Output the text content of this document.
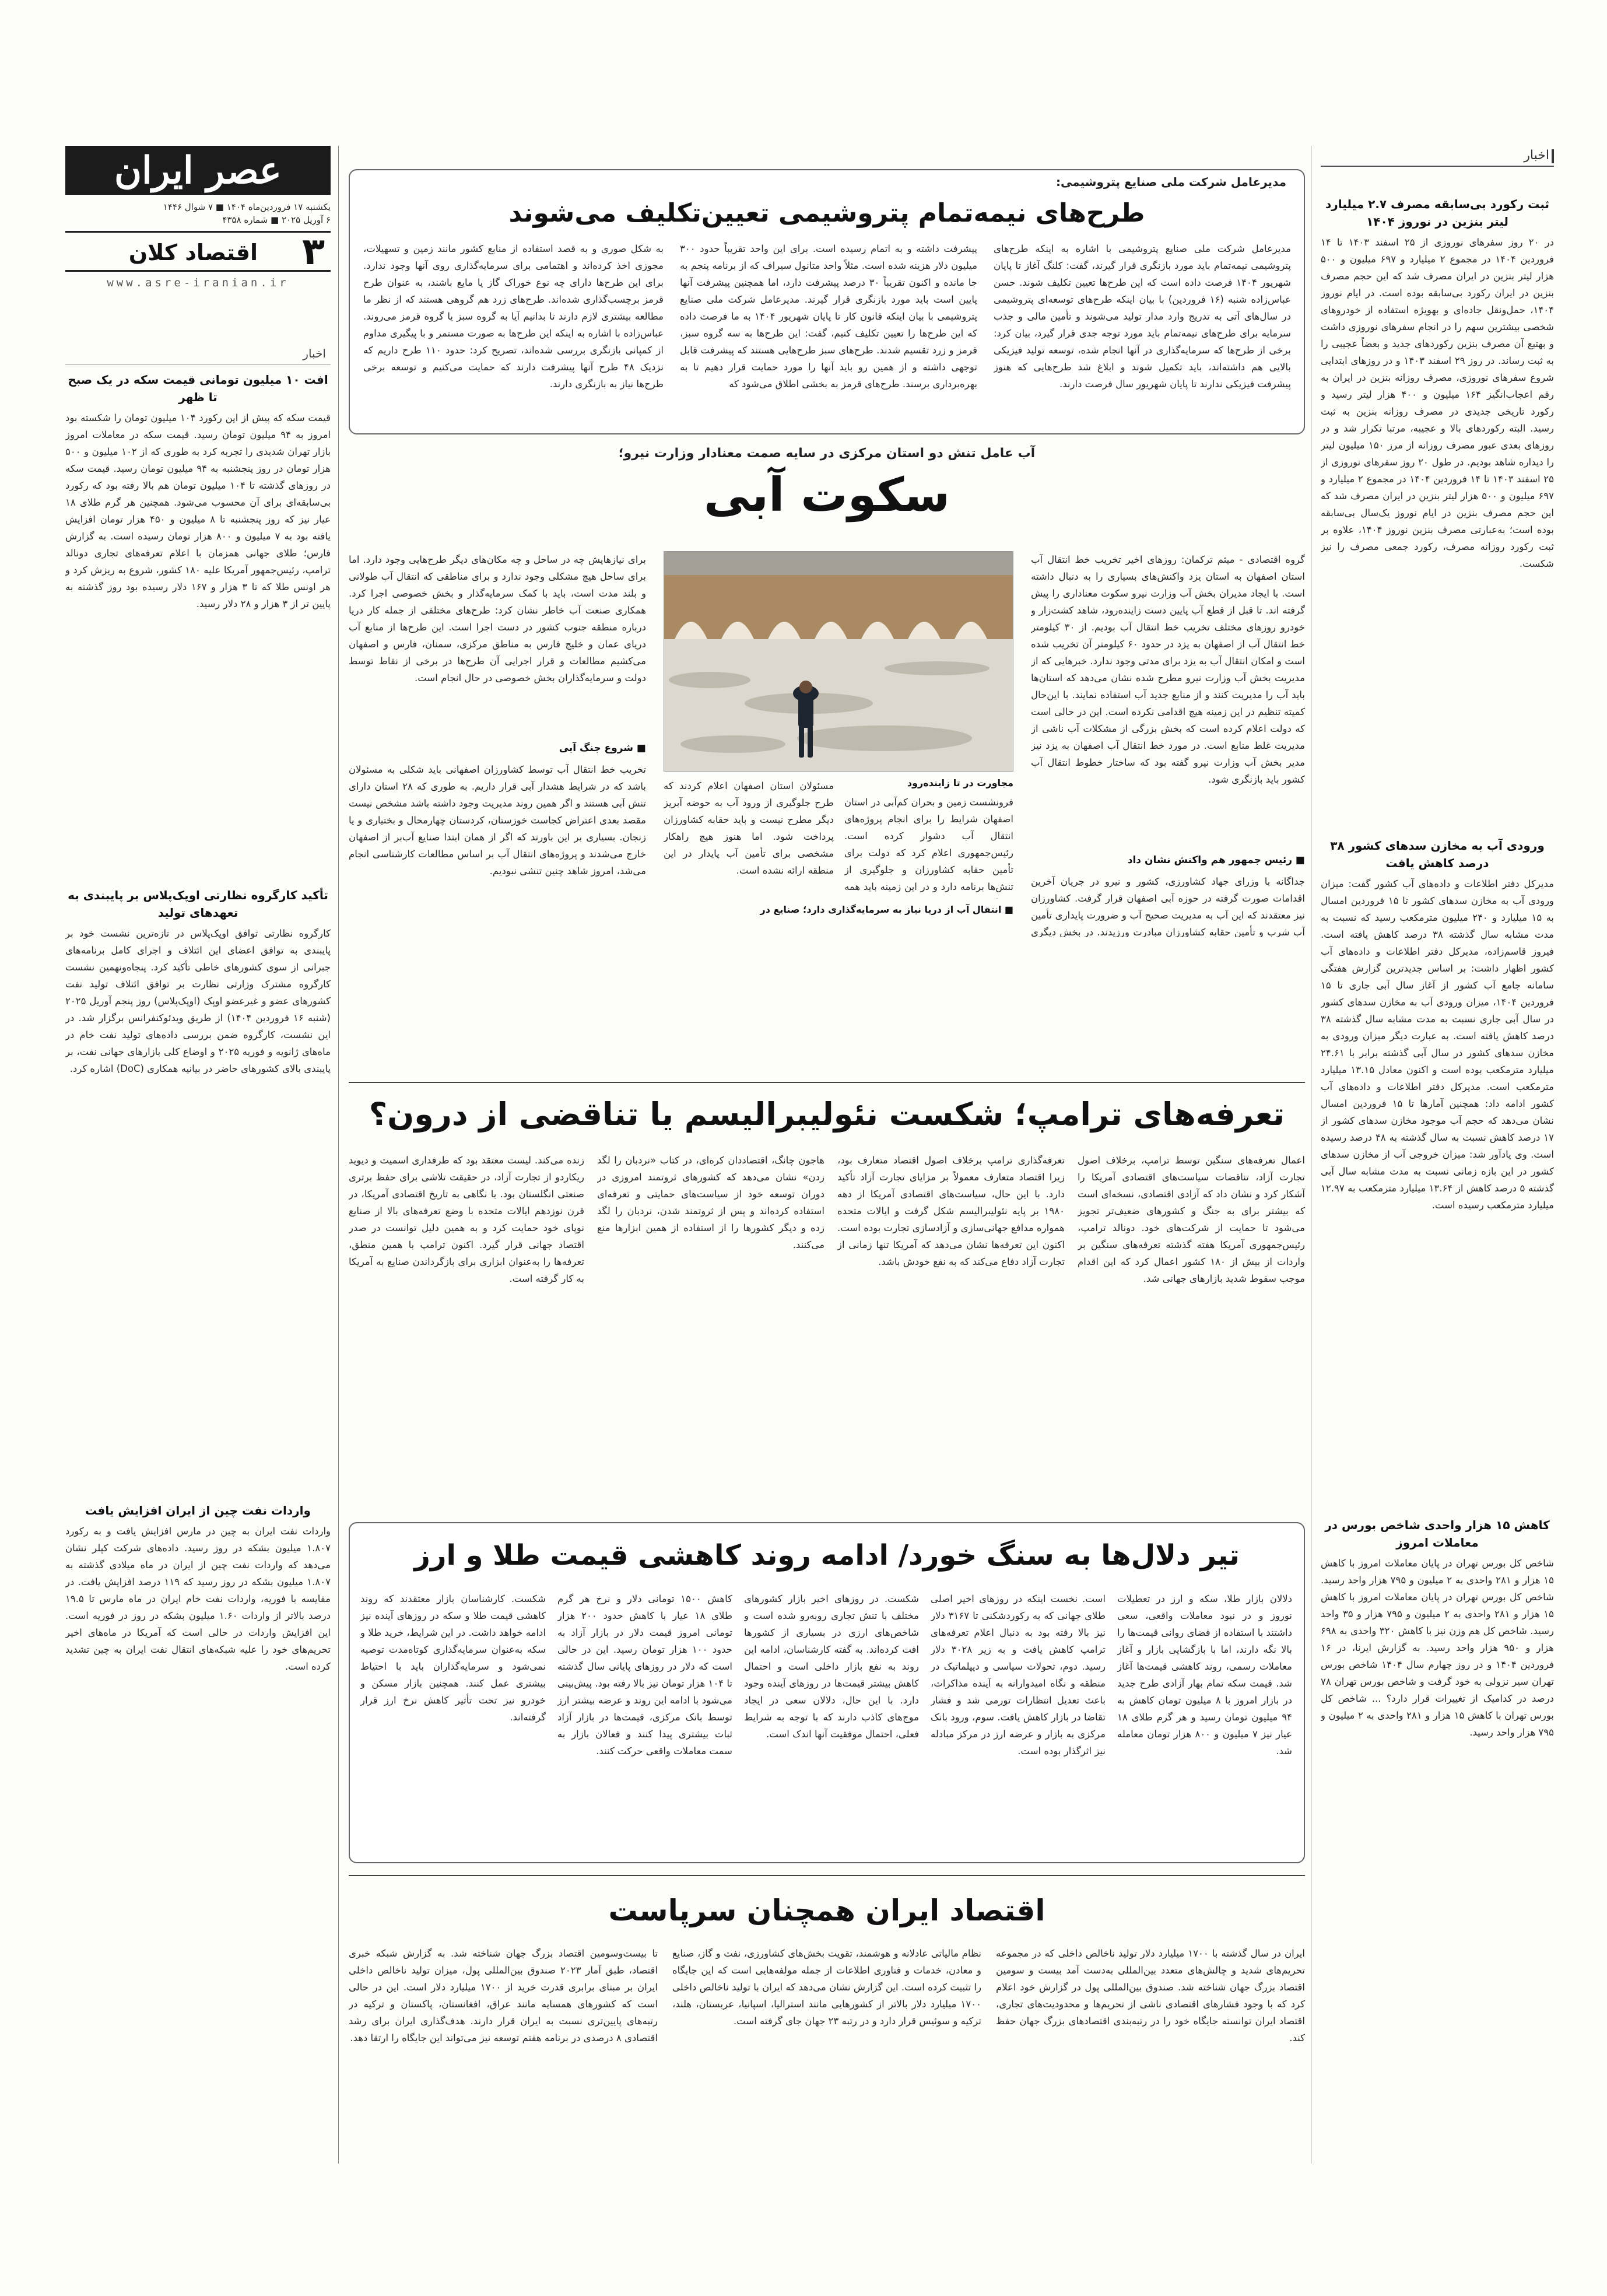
عصر ایران
یکشنبه ۱۷ فروردین‌ماه ۱۴۰۴ ■ ۷ شوال ۱۴۴۶
۶ آوریل ۲۰۲۵ ■ شماره ۴۳۵۸
۳
اقتصاد کلان
www.asre-iranian.ir
اخبار
افت ۱۰ میلیون تومانی قیمت سکه در یک صبح تا ظهر
قیمت سکه که پیش از این رکورد ۱۰۴ میلیون تومان را شکسته بود امروز به ۹۴ میلیون تومان رسید. قیمت سکه در معاملات امروز بازار تهران شدیدی را تجربه کرد به طوری که از ۱۰۲ میلیون و ۵۰۰ هزار تومان در روز پنجشنبه به ۹۴ میلیون تومان رسید. قیمت سکه در روزهای گذشته تا ۱۰۴ میلیون تومان هم بالا رفته بود که رکورد بی‌سابقه‌ای برای آن محسوب می‌شود. همچنین هر گرم طلای ۱۸ عیار نیز که روز پنجشنبه تا ۸ میلیون و ۴۵۰ هزار تومان افزایش یافته بود به ۷ میلیون و ۸۰۰ هزار تومان رسیده است. به گزارش فارس؛ طلای جهانی همزمان با اعلام تعرفه‌های تجاری دونالد ترامپ، رئیس‌جمهور آمریکا علیه ۱۸۰ کشور، شروع به ریزش کرد و هر اونس طلا که تا ۳ هزار و ۱۶۷ دلار رسیده بود روز گذشته به پایین تر از ۳ هزار و ۲۸ دلار رسید.
تأکید کارگروه نظارتی اوپک‌پلاس بر پایبندی به تعهدهای تولید
کارگروه نظارتی توافق اوپک‌پلاس در تازه‌ترین نشست خود بر پایبندی به توافق اعضای این ائتلاف و اجرای کامل برنامه‌های جبرانی از سوی کشورهای خاطی تأکید کرد. پنجاه‌ونهمین نشست کارگروه مشترک وزارتی نظارت بر توافق ائتلاف تولید نفت کشورهای عضو و غیرعضو اوپک (اوپک‌پلاس) روز پنجم آوریل ۲۰۲۵ (شنبه ۱۶ فروردین ۱۴۰۴) از طریق ویدئوکنفرانس برگزار شد. در این نشست، کارگروه ضمن بررسی داده‌های تولید نفت خام در ماه‌های ژانویه و فوریه ۲۰۲۵ و اوضاع کلی بازارهای جهانی نفت، بر پایبندی بالای کشورهای حاضر در بیانیه همکاری (DoC) اشاره کرد.
واردات نفت چین از ایران افزایش یافت
واردات نفت ایران به چین در مارس افزایش یافت و به رکورد ۱.۸۰۷ میلیون بشکه در روز رسید. داده‌های شرکت کپلر نشان می‌دهد که واردات نفت چین از ایران در ماه میلادی گذشته به ۱.۸۰۷ میلیون بشکه در روز رسید که ۱۱۹ درصد افزایش یافت. در مقایسه با فوریه، واردات نفت خام ایران در ماه مارس تا ۱۹.۵ درصد بالاتر از واردات ۱.۶۰ میلیون بشکه در روز در فوریه است. این افزایش واردات در حالی است که آمریکا در ماه‌های اخیر تحریم‌های خود را علیه شبکه‌های انتقال نفت ایران به چین تشدید کرده است.
اخبار
ثبت رکورد بی‌سابقه مصرف ۲.۷ میلیارد لیتر بنزین در نوروز ۱۴۰۴
در ۲۰ روز سفرهای نوروزی از ۲۵ اسفند ۱۴۰۳ تا ۱۴ فروردین ۱۴۰۴ در مجموع ۲ میلیارد و ۶۹۷ میلیون و ۵۰۰ هزار لیتر بنزین در ایران مصرف شد که این حجم مصرف بنزین در ایران رکورد بی‌سابقه بوده است. در ایام نوروز ۱۴۰۴، حمل‌ونقل جاده‌ای و بهویژه استفاده از خودروهای شخصی بیشترین سهم را در انجام سفرهای نوروزی داشت و بهتبع آن مصرف بنزین رکوردهای جدید و بعضاً عجیبی را به ثبت رساند. در روز ۲۹ اسفند ۱۴۰۳ و در روزهای ابتدایی شروع سفرهای نوروزی، مصرف روزانه بنزین در ایران به رقم اعجاب‌انگیز ۱۶۴ میلیون و ۴۰۰ هزار لیتر رسید و رکورد تاریخی جدیدی در مصرف روزانه بنزین به ثبت رسید. البته رکوردهای بالا و عجیبه، مرتبا تکرار شد و در روزهای بعدی عبور مصرف روزانه از مرز ۱۵۰ میلیون لیتر را دیداره شاهد بودیم. در طول ۲۰ روز سفرهای نوروزی از ۲۵ اسفند ۱۴۰۳ تا ۱۴ فروردین ۱۴۰۴ در مجموع ۲ میلیارد و ۶۹۷ میلیون و ۵۰۰ هزار لیتر بنزین در ایران مصرف شد که این حجم مصرف بنزین در ایام نوروز یک‌سال بی‌سابقه بوده است؛ به‌عبارتی مصرف بنزین نوروز ۱۴۰۴، علاوه بر ثبت رکورد روزانه مصرف، رکورد جمعی مصرف را نیز شکست.
ورودی آب به مخازن سدهای کشور ۳۸ درصد کاهش یافت
مدیرکل دفتر اطلاعات و داده‌های آب کشور گفت: میزان ورودی آب به مخازن سدهای کشور تا ۱۵ فروردین امسال به ۱۵ میلیارد و ۲۴۰ میلیون مترمکعب رسید که نسبت به مدت مشابه سال گذشته ۳۸ درصد کاهش یافته است. فیروز قاسم‌زاده، مدیرکل دفتر اطلاعات و داده‌های آب کشور اظهار داشت: بر اساس جدیدترین گزارش هفتگی سامانه جامع آب کشور از آغاز سال آبی جاری تا ۱۵ فروردین ۱۴۰۴، میزان ورودی آب به مخازن سدهای کشور در سال آبی جاری نسبت به مدت مشابه سال گذشته ۳۸ درصد کاهش یافته است. به عبارت دیگر میزان ورودی به مخازن سدهای کشور در سال آبی گذشته برابر با ۲۴.۶۱ میلیارد مترمکعب بوده است و اکنون معادل ۱۳.۱۵ میلیارد مترمکعب است. مدیرکل دفتر اطلاعات و داده‌های آب کشور ادامه داد: همچنین آمارها تا ۱۵ فروردین امسال نشان می‌دهد که حجم آب موجود مخازن سدهای کشور از ۱۷ درصد کاهش نسبت به سال گذشته به ۴۸ درصد رسیده است. وی یادآور شد: میزان خروجی آب از مخازن سدهای کشور در این بازه زمانی نسبت به مدت مشابه سال آبی گذشته ۵ درصد کاهش از ۱۳.۶۴ میلیارد مترمکعب به ۱۲.۹۷ میلیارد مترمکعب رسیده است.
کاهش ۱۵ هزار واحدی شاخص بورس در معاملات امروز
شاخص کل بورس تهران در پایان معاملات امروز با کاهش ۱۵ هزار و ۲۸۱ واحدی به ۲ میلیون و ۷۹۵ هزار واحد رسید. شاخص کل بورس تهران در پایان معاملات امروز با کاهش ۱۵ هزار و ۲۸۱ واحدی به ۲ میلیون و ۷۹۵ هزار و ۳۵ واحد رسید. شاخص کل هم وزن نیز با کاهش ۳۲۰ واحدی به ۶۹۸ هزار و ۹۵۰ هزار واحد رسید. به گزارش ایرنا، در ۱۶ فروردین ۱۴۰۴ و در روز چهارم سال ۱۴۰۴ شاخص بورس تهران سیر نزولی به خود گرفت و شاخص بورس تهران ۷۸ درصد در کدامیک از تغییرات قرار دارد؟ ... شاخص کل بورس تهران با کاهش ۱۵ هزار و ۲۸۱ واحدی به ۲ میلیون و ۷۹۵ هزار واحد رسید.
مدیرعامل شرکت ملی صنایع پتروشیمی:
طرح‌های نیمه‌تمام پتروشیمی تعیین‌تکلیف می‌شوند
مدیرعامل شرکت ملی صنایع پتروشیمی با اشاره به اینکه طرح‌های پتروشیمی نیمه‌تمام باید مورد بازنگری قرار گیرند، گفت: کلنگ آغاز تا پایان شهریور ۱۴۰۴ فرصت داده است که این طرح‌ها تعیین تکلیف شوند. حسن عباس‌زاده شنبه (۱۶ فروردین) با بیان اینکه طرح‌های توسعه‌ای پتروشیمی در سال‌های آتی به تدریج وارد مدار تولید می‌شوند و تأمین مالی و جذب سرمایه برای طرح‌های نیمه‌تمام باید مورد توجه جدی قرار گیرد، بیان کرد: برخی از طرح‌ها که سرمایه‌گذاری در آنها انجام شده، توسعه تولید فیزیکی بالایی هم داشته‌اند، باید تکمیل شوند و ابلاغ شد طرح‌هایی که هنوز پیشرفت فیزیکی ندارند تا پایان شهریور سال فرصت دارند.
پیشرفت داشته و به اتمام رسیده است. برای این واحد تقریباً حدود ۳۰۰ میلیون دلار هزینه شده است. مثلاً واحد متانول سیراف که از برنامه پنجم به جا مانده و اکنون تقریباً ۳۰ درصد پیشرفت دارد، اما همچنین پیشرفت آنها پایین است باید مورد بازنگری قرار گیرند. مدیرعامل شرکت ملی صنایع پتروشیمی با بیان اینکه قانون کار تا پایان شهریور ۱۴۰۴ به ما فرصت داده که این طرح‌ها را تعیین تکلیف کنیم، گفت: این طرح‌ها به سه گروه سبز، قرمز و زرد تقسیم شدند. طرح‌های سبز طرح‌هایی هستند که پیشرفت قابل توجهی داشته و از همین رو باید آنها را مورد حمایت قرار دهیم تا به بهره‌برداری برسند. طرح‌های قرمز به بخشی اطلاق می‌شود که
به شکل صوری و به قصد استفاده از منابع کشور مانند زمین و تسهیلات، مجوزی اخذ کرده‌اند و اهتمامی برای سرمایه‌گذاری روی آنها وجود ندارد. برای این طرح‌ها دارای چه نوع خوراک گاز یا مایع باشند، به عنوان طرح قرمز برچسب‌گذاری شده‌اند. طرح‌های زرد هم گروهی هستند که از نظر ما مطالعه بیشتری لازم دارند تا بدانیم آیا به گروه سبز یا گروه قرمز می‌روند. عباس‌زاده با اشاره به اینکه این طرح‌ها به صورت مستمر و با پیگیری مداوم از کمپانی بازنگری بررسی شده‌اند، تصریح کرد: حدود ۱۱۰ طرح داریم که نزدیک ۴۸ طرح آنها پیشرفت دارند که حمایت می‌کنیم و توسعه برخی طرح‌ها نیاز به بازنگری دارند.
آب عامل تنش دو استان مرکزی در سایه صمت معنادار وزارت نیرو؛
سکوت آبی
گروه اقتصادی - میثم ترکمان: روزهای اخیر تخریب خط انتقال آب استان اصفهان به استان یزد واکنش‌های بسیاری را به دنبال داشته است. با ایجاد مدیران بخش آب وزارت نیرو سکوت معناداری را پیش گرفته اند. تا قبل از قطع آب پایین دست زاینده‌رود، شاهد کشت‌زار و خودرو روزهای مختلف تخریب خط انتقال آب بودیم. از ۳۰ کیلومتر خط انتقال آب از اصفهان به یزد در حدود ۶۰ کیلومتر آن تخریب شده است و امکان انتقال آب به یزد برای مدتی وجود ندارد. خبرهایی که از مدیریت بخش آب وزارت نیرو مطرح شده نشان می‌دهد که استان‌ها باید آب را مدیریت کنند و از منابع جدید آب استفاده نمایند. با این‌حال کمیته تنظیم در این زمینه هیچ اقدامی نکرده است. این در حالی است که دولت اعلام کرده است که بخش بزرگی از مشکلات آب ناشی از مدیریت غلط منابع است. در مورد خط انتقال آب اصفهان به یزد نیز مدیر بخش آب وزارت نیرو گفته بود که ساختار خطوط انتقال آب کشور باید بازنگری شود.
■ رئیس جمهور هم واکنش نشان داد
جداگانه با وزرای جهاد کشاورزی، کشور و نیرو در جریان آخرین اقدامات صورت گرفته در حوزه آبی اصفهان قرار گرفت. کشاورزان نیز معتقدند که این آب به مدیریت صحیح آب و ضرورت پایداری تأمین آب شرب و تأمین حقابه کشاورزان مبادرت ورزیدند. در بخش دیگری
مجاورت در تا زاینده‌رود
فرونشست زمین و بحران کم‌آبی در استان اصفهان شرایط را برای انجام پروژه‌های انتقال آب دشوار کرده است. رئیس‌جمهوری اعلام کرد که دولت برای تأمین حقابه کشاورزان و جلوگیری از تنش‌ها برنامه دارد و در این زمینه باید همه
مسئولان استان اصفهان اعلام کردند که طرح جلوگیری از ورود آب به حوضه آبریز دیگر مطرح نیست و باید حقابه کشاورزان پرداخت شود. اما هنوز هیچ راهکار مشخصی برای تأمین آب پایدار در این منطقه ارائه نشده است.
■ انتقال آب از دریا نیاز به سرمایه‌گذاری دارد؛ صنایع در
برای نیازهایش چه در ساحل و چه مکان‌های دیگر طرح‌هایی وجود دارد. اما برای ساحل هیچ مشکلی وجود ندارد و برای مناطقی که انتقال آب طولانی و بلند مدت است، باید با کمک سرمایه‌گذار و بخش خصوصی اجرا کرد. همکاری صنعت آب خاطر نشان کرد: طرح‌های مختلفی از جمله کار دریا درباره منطقه جنوب کشور در دست اجرا است. این طرح‌ها از منابع آب دریای عمان و خلیج فارس به مناطق مرکزی، سمنان، فارس و اصفهان می‌کشیم مطالعات و قرار اجرایی آن طرح‌ها در برخی از نقاط توسط دولت و سرمایه‌گذاران بخش خصوصی در حال انجام است.
■ شروع جنگ آبی
تخریب خط انتقال آب توسط کشاورزان اصفهانی باید شکلی به مسئولان باشد که در شرایط هشدار آبی قرار داریم. به طوری که ۲۸ استان دارای تنش آبی هستند و اگر همین روند مدیریت وجود داشته باشد مشخص نیست مقصد بعدی اعتراض کجاست خوزستان، کردستان چهارمحال و بختیاری و یا زنجان. بسیاری بر این باورند که اگر از همان ابتدا صنایع آب‌بر از اصفهان خارج می‌شدند و پروژه‌های انتقال آب بر اساس مطالعات کارشناسی انجام می‌شد، امروز شاهد چنین تنشی نبودیم.
تعرفه‌های ترامپ؛ شکست نئولیبرالیسم یا تناقضی از درون؟
اعمال تعرفه‌های سنگین توسط ترامپ، برخلاف اصول تجارت آزاد، تناقضات سیاست‌های اقتصادی آمریکا را آشکار کرد و نشان داد که آزادی اقتصادی، نسخه‌ای است که بیشتر برای به جنگ و کشورهای ضعیف‌تر تجویز می‌شود تا حمایت از شرکت‌های خود. دونالد ترامپ، رئیس‌جمهوری آمریکا هفته گذشته تعرفه‌های سنگین بر واردات از بیش از ۱۸۰ کشور اعمال کرد که این اقدام موجب سقوط شدید بازارهای جهانی شد.
تعرفه‌گذاری ترامپ برخلاف اصول اقتصاد متعارف بود، زیرا اقتصاد متعارف معمولاً بر مزایای تجارت آزاد تأکید دارد. با این حال، سیاست‌های اقتصادی آمریکا از دهه ۱۹۸۰ بر پایه نئولیبرالیسم شکل گرفت و ایالات متحده همواره مدافع جهانی‌سازی و آزادسازی تجارت بوده است. اکنون این تعرفه‌ها نشان می‌دهد که آمریکا تنها زمانی از تجارت آزاد دفاع می‌کند که به نفع خودش باشد.
هاجون چانگ، اقتصاددان کره‌ای، در کتاب «نردبان را لگد زدن» نشان می‌دهد که کشورهای ثروتمند امروزی در دوران توسعه خود از سیاست‌های حمایتی و تعرفه‌ای استفاده کرده‌اند و پس از ثروتمند شدن، نردبان را لگد زده و دیگر کشورها را از استفاده از همین ابزارها منع می‌کنند.
زنده می‌کند. لیست معتقد بود که طرفداری اسمیت و دیوید ریکاردو از تجارت آزاد، در حقیقت تلاشی برای حفظ برتری صنعتی انگلستان بود. با نگاهی به تاریخ اقتصادی آمریکا، در قرن نوزدهم ایالات متحده با وضع تعرفه‌های بالا از صنایع نوپای خود حمایت کرد و به همین دلیل توانست در صدر اقتصاد جهانی قرار گیرد. اکنون ترامپ با همین منطق، تعرفه‌ها را به‌عنوان ابزاری برای بازگرداندن صنایع به آمریکا به کار گرفته است.
تیر دلال‌ها به سنگ خورد/ ادامه روند کاهشی قیمت طلا و ارز
دلالان بازار طلا، سکه و ارز در تعطیلات نوروز و در نبود معاملات واقعی، سعی داشتند با استفاده از فضای روانی قیمت‌ها را بالا نگه دارند، اما با بازگشایی بازار و آغاز معاملات رسمی، روند کاهشی قیمت‌ها آغاز شد. قیمت سکه تمام بهار آزادی طرح جدید در بازار امروز با ۸ میلیون تومان کاهش به ۹۴ میلیون تومان رسید و هر گرم طلای ۱۸ عیار نیز ۷ میلیون و ۸۰۰ هزار تومان معامله شد.
است. نخست اینکه در روزهای اخیر اصلی طلای جهانی که به رکوردشکنی تا ۳۱۶۷ دلار نیز بالا رفته بود به دنبال اعلام تعرفه‌های ترامپ کاهش یافت و به زیر ۳۰۲۸ دلار رسید. دوم، تحولات سیاسی و دیپلماتیک در منطقه و نگاه امیدوارانه به آینده مذاکرات، باعث تعدیل انتظارات تورمی شد و فشار تقاضا در بازار کاهش یافت. سوم، ورود بانک مرکزی به بازار و عرضه ارز در مرکز مبادله نیز اثرگذار بوده است.
شکست. در روزهای اخیر بازار کشورهای مختلف با تنش تجاری روبه‌رو شده است و شاخص‌های ارزی در بسیاری از کشورها افت کرده‌اند. به گفته کارشناسان، ادامه این روند به نفع بازار داخلی است و احتمال کاهش بیشتر قیمت‌ها در روزهای آینده وجود دارد. با این حال، دلالان سعی در ایجاد موج‌های کاذب دارند که با توجه به شرایط فعلی، احتمال موفقیت آنها اندک است.
کاهش ۱۵۰۰ تومانی دلار و نرخ هر گرم طلای ۱۸ عیار با کاهش حدود ۲۰۰ هزار تومانی امروز قیمت دلار در بازار آزاد به حدود ۱۰۰ هزار تومان رسید. این در حالی است که دلار در روزهای پایانی سال گذشته تا ۱۰۴ هزار تومان نیز بالا رفته بود. پیش‌بینی می‌شود با ادامه این روند و عرضه بیشتر ارز توسط بانک مرکزی، قیمت‌ها در بازار آزاد ثبات بیشتری پیدا کنند و فعالان بازار به سمت معاملات واقعی حرکت کنند.
شکست. کارشناسان بازار معتقدند که روند کاهشی قیمت طلا و سکه در روزهای آینده نیز ادامه خواهد داشت. در این شرایط، خرید طلا و سکه به‌عنوان سرمایه‌گذاری کوتاه‌مدت توصیه نمی‌شود و سرمایه‌گذاران باید با احتیاط بیشتری عمل کنند. همچنین بازار مسکن و خودرو نیز تحت تأثیر کاهش نرخ ارز قرار گرفته‌اند.
اقتصاد ایران همچنان سرپاست
ایران در سال گذشته با ۱۷۰۰ میلیارد دلار تولید ناخالص داخلی که در مجموعه تحریم‌های شدید و چالش‌های متعدد بین‌المللی به‌دست آمد بیست و سومین اقتصاد بزرگ جهان شناخته شد. صندوق بین‌المللی پول در گزارش خود اعلام کرد که با وجود فشارهای اقتصادی ناشی از تحریم‌ها و محدودیت‌های تجاری، اقتصاد ایران توانسته جایگاه خود را در رتبه‌بندی اقتصادهای بزرگ جهان حفظ کند.
نظام مالیاتی عادلانه و هوشمند، تقویت بخش‌های کشاورزی، نفت و گاز، صنایع و معادن، خدمات و فناوری اطلاعات از جمله مولفه‌هایی است که این جایگاه را تثبیت کرده است. این گزارش نشان می‌دهد که ایران با تولید ناخالص داخلی ۱۷۰۰ میلیارد دلار بالاتر از کشورهایی مانند استرالیا، اسپانیا، عربستان، هلند، ترکیه و سوئیس قرار دارد و در رتبه ۲۳ جهان جای گرفته است.
تا بیست‌وسومین اقتصاد بزرگ جهان شناخته شد. به گزارش شبکه خبری اقتصاد، طبق آمار ۲۰۲۳ صندوق بین‌المللی پول، میزان تولید ناخالص داخلی ایران بر مبنای برابری قدرت خرید از ۱۷۰۰ میلیارد دلار است. این در حالی است که کشورهای همسایه مانند عراق، افغانستان، پاکستان و ترکیه در رتبه‌های پایین‌تری نسبت به ایران قرار دارند. هدف‌گذاری ایران برای رشد اقتصادی ۸ درصدی در برنامه هفتم توسعه نیز می‌تواند این جایگاه را ارتقا دهد.
